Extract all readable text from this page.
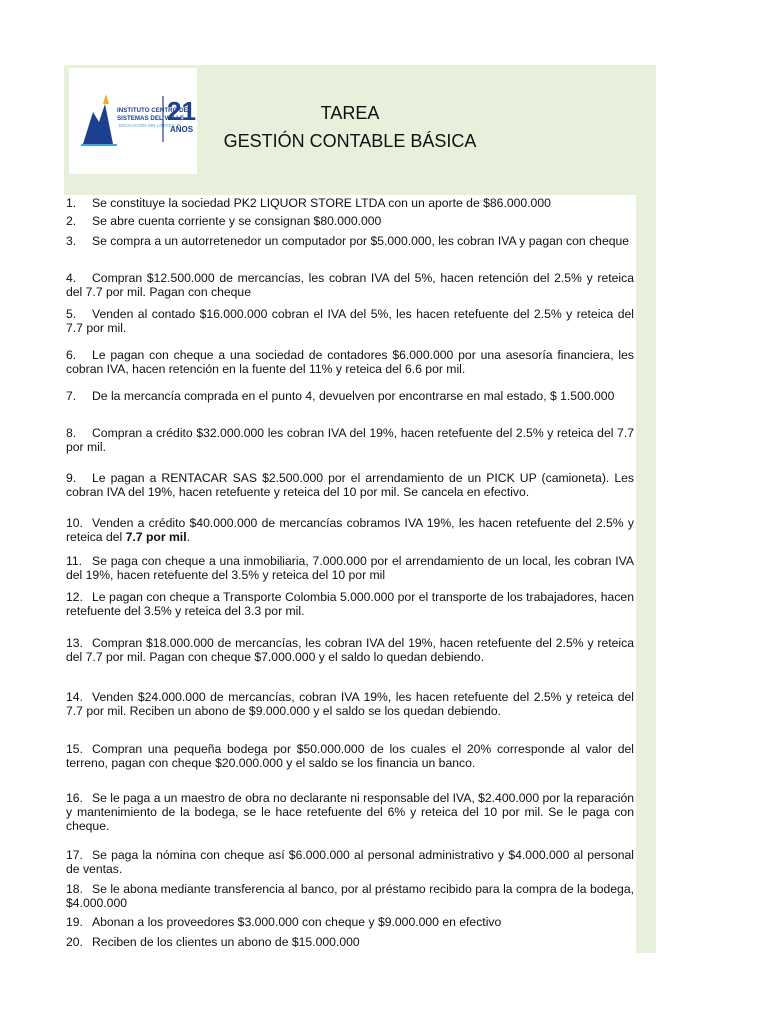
INSTITUTO CENTRO DE
SISTEMAS DEL VALLE
EDUCACIÓN SIN LÍMITES
21
AÑOS
TAREA
GESTIÓN CONTABLE BÁSICA

1. Se constituye la sociedad PK2 LIQUOR STORE LTDA con un aporte de $86.000.000

2. Se abre cuenta corriente y se consignan $80.000.000

3. Se compra a un autorretenedor un computador por $5.000.000, les cobran IVA y pagan con cheque

4. Compran $12.500.000 de mercancías, les cobran IVA del 5%, hacen retención del 2.5% y reteica del 7.7 por mil. Pagan con cheque

5. Venden al contado $16.000.000 cobran el IVA del 5%, les hacen retefuente del 2.5% y reteica del 7.7 por mil.

6. Le pagan con cheque a una sociedad de contadores $6.000.000 por una asesoría financiera, les cobran IVA, hacen retención en la fuente del 11% y reteica del 6.6 por mil.

7. De la mercancía comprada en el punto 4, devuelven por encontrarse en mal estado, $ 1.500.000

8. Compran a crédito $32.000.000 les cobran IVA del 19%, hacen retefuente del 2.5% y reteica del 7.7 por mil.

9. Le pagan a RENTACAR SAS $2.500.000 por el arrendamiento de un PICK UP (camioneta). Les cobran IVA del 19%, hacen retefuente y reteica del 10 por mil. Se cancela en efectivo.

10. Venden a crédito $40.000.000 de mercancías cobramos IVA 19%, les hacen retefuente del 2.5% y reteica del 7.7 por mil.

11. Se paga con cheque a una inmobiliaria, 7.000.000 por el arrendamiento de un local, les cobran IVA del 19%, hacen retefuente del 3.5% y reteica del 10 por mil

12. Le pagan con cheque a Transporte Colombia 5.000.000 por el transporte de los trabajadores, hacen retefuente del 3.5% y reteica del 3.3 por mil.

13. Compran $18.000.000 de mercancías, les cobran IVA del 19%, hacen retefuente del 2.5% y reteica del 7.7 por mil. Pagan con cheque $7.000.000 y el saldo lo quedan debiendo.

14. Venden $24.000.000 de mercancías, cobran IVA 19%, les hacen retefuente del 2.5% y reteica del 7.7 por mil. Reciben un abono de $9.000.000 y el saldo se los quedan debiendo.

15. Compran una pequeña bodega por $50.000.000 de los cuales el 20% corresponde al valor del terreno, pagan con cheque $20.000.000 y el saldo se los financia un banco.

16. Se le paga a un maestro de obra no declarante ni responsable del IVA, $2.400.000 por la reparación y mantenimiento de la bodega, se le hace retefuente del 6% y reteica del 10 por mil. Se le paga con cheque.

17. Se paga la nómina con cheque así $6.000.000 al personal administrativo y $4.000.000 al personal de ventas.

18. Se le abona mediante transferencia al banco, por al préstamo recibido para la compra de la bodega, $4.000.000

19. Abonan a los proveedores $3.000.000 con cheque y $9.000.000 en efectivo

20. Reciben de los clientes un abono de $15.000.000
